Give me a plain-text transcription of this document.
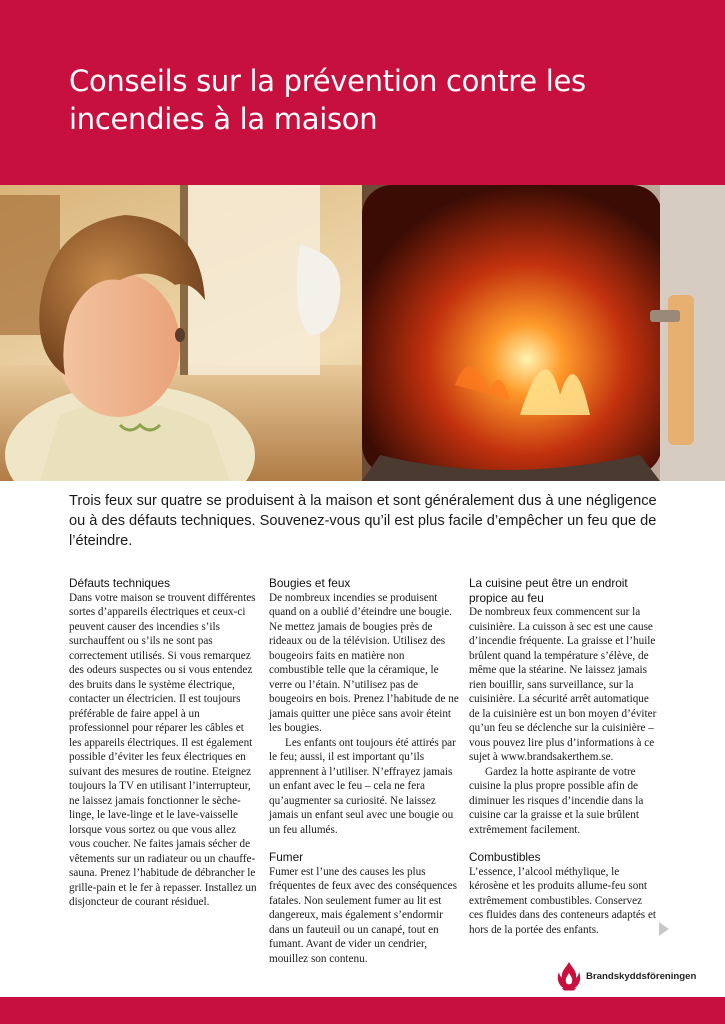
Conseils sur la prévention contre les incendies à la maison

Trois feux sur quatre se produisent à la maison et sont généralement dus à une négligence ou à des défauts techniques. Souvenez-vous qu’il est plus facile d’empêcher un feu que de l’éteindre.

Défauts techniques

Dans votre maison se trouvent différentes sortes d’appareils électriques et ceux-ci peuvent causer des incendies s’ils surchauffent ou s’ils ne sont pas correctement utilisés. Si vous remarquez des odeurs suspectes ou si vous entendez des bruits dans le système électrique, contacter un électricien. Il est toujours préférable de faire appel à un professionnel pour réparer les câbles et les appareils électriques. Il est également possible d’éviter les feux électriques en suivant des mesures de routine. Eteignez toujours la TV en utilisant l’interrupteur, ne laissez jamais fonctionner le sèche-linge, le lave-linge et le lave-vaisselle lorsque vous sortez ou que vous allez vous coucher. Ne faites jamais sécher de vêtements sur un radiateur ou un chauffe-sauna. Prenez l’habitude de débrancher le grille-pain et le fer à repasser. Installez un disjoncteur de courant résiduel.

Bougies et feux

De nombreux incendies se produisent quand on a oublié d’éteindre une bougie. Ne mettez jamais de bougies près de rideaux ou de la télévision. Utilisez des bougeoirs faits en matière non combustible telle que la céramique, le verre ou l’étain. N’utilisez pas de bougeoirs en bois. Prenez l’habitude de ne jamais quitter une pièce sans avoir éteint les bougies.

Les enfants ont toujours été attirés par le feu; aussi, il est important qu’ils apprennent à l’utiliser. N’effrayez jamais un enfant avec le feu – cela ne fera qu’augmenter sa curiosité. Ne laissez jamais un enfant seul avec une bougie ou un feu allumés.

Fumer

Fumer est l’une des causes les plus fréquentes de feux avec des conséquences fatales. Non seulement fumer au lit est dangereux, mais également s’endormir dans un fauteuil ou un canapé, tout en fumant. Avant de vider un cendrier, mouillez son contenu.

La cuisine peut être un endroit propice au feu

De nombreux feux commencent sur la cuisinière. La cuisson à sec est une cause d’incendie fréquente. La graisse et l’huile brûlent quand la température s’élève, de même que la stéarine. Ne laissez jamais rien bouillir, sans surveillance, sur la cuisinière. La sécurité arrêt automatique de la cuisinière est un bon moyen d’éviter qu’un feu se déclenche sur la cuisinière – vous pouvez lire plus d’informations à ce sujet à www.brandsakerthem.se.

Gardez la hotte aspirante de votre cuisine la plus propre possible afin de diminuer les risques d’incendie dans la cuisine car la graisse et la suie brûlent extrêmement facilement.

Combustibles

L’essence, l’alcool méthylique, le kérosène et les produits allume-feu sont extrêmement combustibles. Conservez ces fluides dans des conteneurs adaptés et hors de la portée des enfants.

Brandskyddsföreningen
